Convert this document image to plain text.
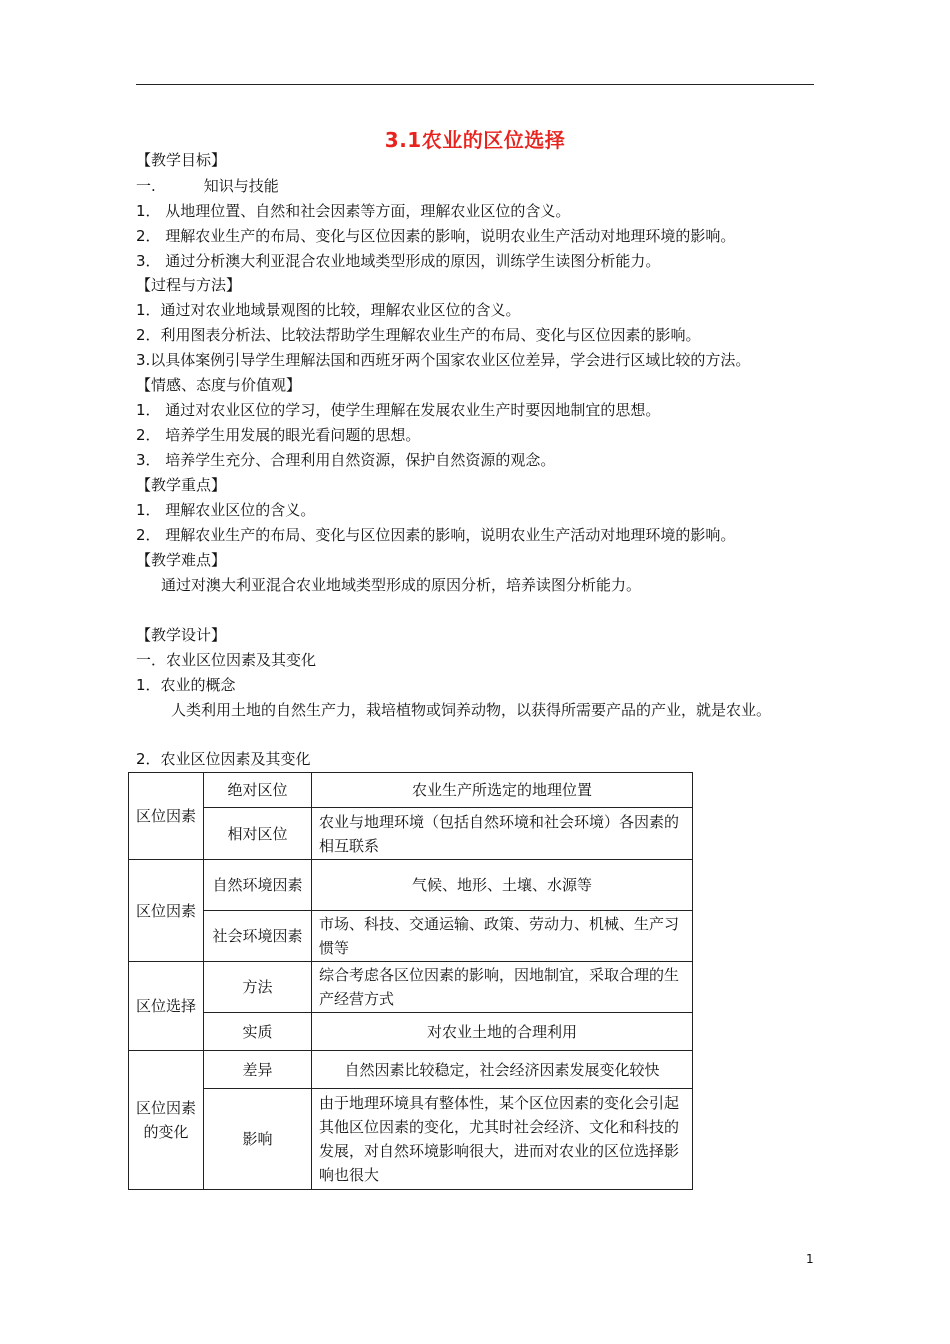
3.1农业的区位选择
【教学目标】
一.	知识与技能
1． 从地理位置、自然和社会因素等方面，理解农业区位的含义。
2． 理解农业生产的布局、变化与区位因素的影响，说明农业生产活动对地理环境的影响。
3． 通过分析澳大利亚混合农业地域类型形成的原因，训练学生读图分析能力。
【过程与方法】
1．通过对农业地域景观图的比较，理解农业区位的含义。
2．利用图表分析法、比较法帮助学生理解农业生产的布局、变化与区位因素的影响。
3.以具体案例引导学生理解法国和西班牙两个国家农业区位差异，学会进行区域比较的方法。
【情感、态度与价值观】
1． 通过对农业区位的学习，使学生理解在发展农业生产时要因地制宜的思想。
2． 培养学生用发展的眼光看问题的思想。
3． 培养学生充分、合理利用自然资源，保护自然资源的观念。
【教学重点】
1． 理解农业区位的含义。
2． 理解农业生产的布局、变化与区位因素的影响，说明农业生产活动对地理环境的影响。
【教学难点】
通过对澳大利亚混合农业地域类型形成的原因分析，培养读图分析能力。
【教学设计】
一．农业区位因素及其变化
1．农业的概念
人类利用土地的自然生产力，栽培植物或饲养动物，以获得所需要产品的产业，就是农业。
2．农业区位因素及其变化
区位因素	绝对区位	农业生产所选定的地理位置
	相对区位	农业与地理环境（包括自然环境和社会环境）各因素的相互联系
区位因素	自然环境因素	气候、地形、土壤、水源等
	社会环境因素	市场、科技、交通运输、政策、劳动力、机械、生产习惯等
区位选择	方法	综合考虑各区位因素的影响，因地制宜，采取合理的生产经营方式
	实质	对农业土地的合理利用
区位因素的变化	差异	自然因素比较稳定，社会经济因素发展变化较快
	影响	由于地理环境具有整体性，某个区位因素的变化会引起其他区位因素的变化，尤其时社会经济、文化和科技的发展，对自然环境影响很大，进而对农业的区位选择影响也很大
1
